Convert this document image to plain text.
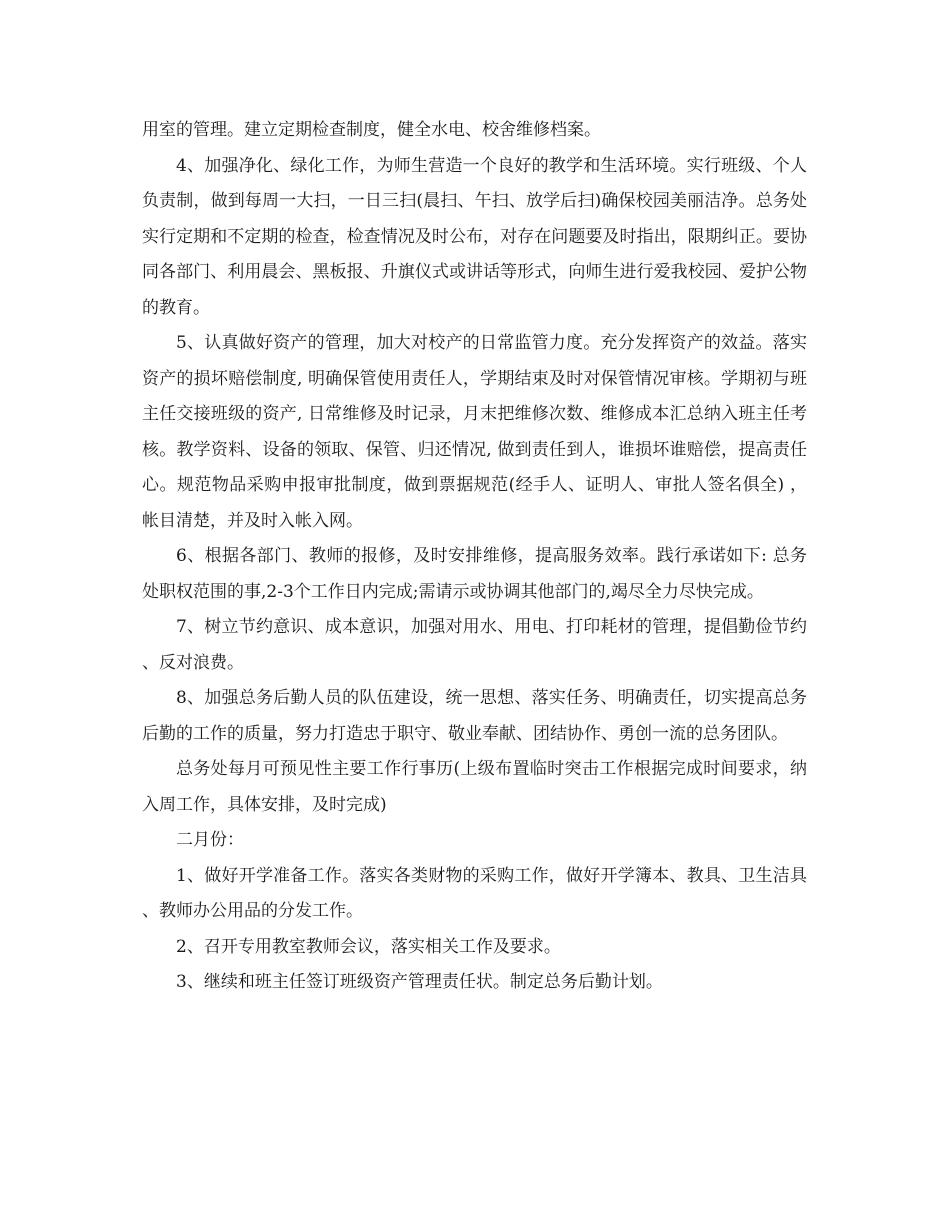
用室的管理。建立定期检查制度，健全水电、校舍维修档案。

4、加强净化、绿化工作，为师生营造一个良好的教学和生活环境。实行班级、个人负责制，做到每周一大扫，一日三扫(晨扫、午扫、放学后扫)确保校园美丽洁净。总务处实行定期和不定期的检查，检查情况及时公布，对存在问题要及时指出，限期纠正。要协同各部门、利用晨会、黑板报、升旗仪式或讲话等形式，向师生进行爱我校园、爱护公物的教育。

5、认真做好资产的管理，加大对校产的日常监管力度。充分发挥资产的效益。落实资产的损坏赔偿制度, 明确保管使用责任人，学期结束及时对保管情况审核。学期初与班主任交接班级的资产, 日常维修及时记录，月末把维修次数、维修成本汇总纳入班主任考核。教学资料、设备的领取、保管、归还情况, 做到责任到人，谁损坏谁赔偿，提高责任心。规范物品采购申报审批制度，做到票据规范(经手人、证明人、审批人签名俱全) ， 帐目清楚，并及时入帐入网。

6、根据各部门、教师的报修，及时安排维修，提高服务效率。践行承诺如下: 总务处职权范围的事,2-3个工作日内完成;需请示或协调其他部门的,竭尽全力尽快完成。

7、树立节约意识、成本意识，加强对用水、用电、打印耗材的管理，提倡勤俭节约、反对浪费。

8、加强总务后勤人员的队伍建设，统一思想、落实任务、明确责任，切实提高总务后勤的工作的质量，努力打造忠于职守、敬业奉献、团结协作、勇创一流的总务团队。

总务处每月可预见性主要工作行事历(上级布置临时突击工作根据完成时间要求，纳入周工作，具体安排，及时完成)

二月份：

1、做好开学准备工作。落实各类财物的采购工作，做好开学簿本、教具、卫生洁具、教师办公用品的分发工作。

2、召开专用教室教师会议，落实相关工作及要求。

3、继续和班主任签订班级资产管理责任状。制定总务后勤计划。
